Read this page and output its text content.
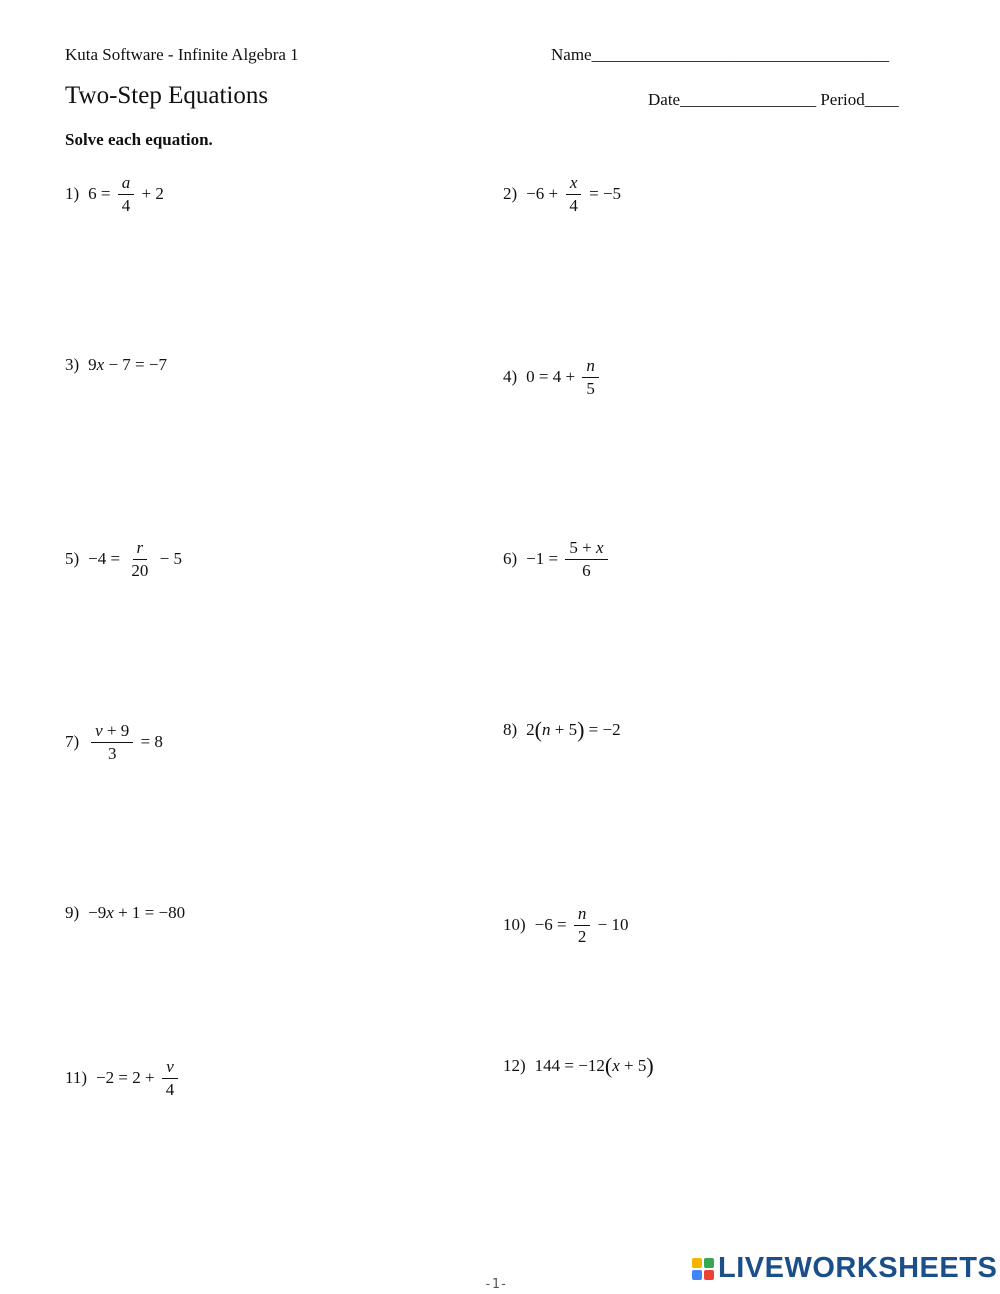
Kuta Software - Infinite Algebra 1	Name___________________________________
Two-Step Equations	Date________________ Period____
Solve each equation.
1) $6 = \frac{a}{4} + 2$	$2) -6 + \frac{x}{4} = -5$
3) 9 x − 7 = −7
4) $0 = 4 + \frac{n}{5}$
$5) -4 = \frac{r}{20} - 5$	$6) -1 = \frac{5 + x}{6}$
$7) \frac{v + 9}{3} = 8$
8) 2 ( n + 5 ) = −2
9) −9 x + 1 = −80
$10) -6 = \frac{n}{2} - 10$
$11) -2 = 2 + \frac{v}{4}$	12) 144 = −12 ( x + 5 )
LIVEWORKSHEETS
-1-
